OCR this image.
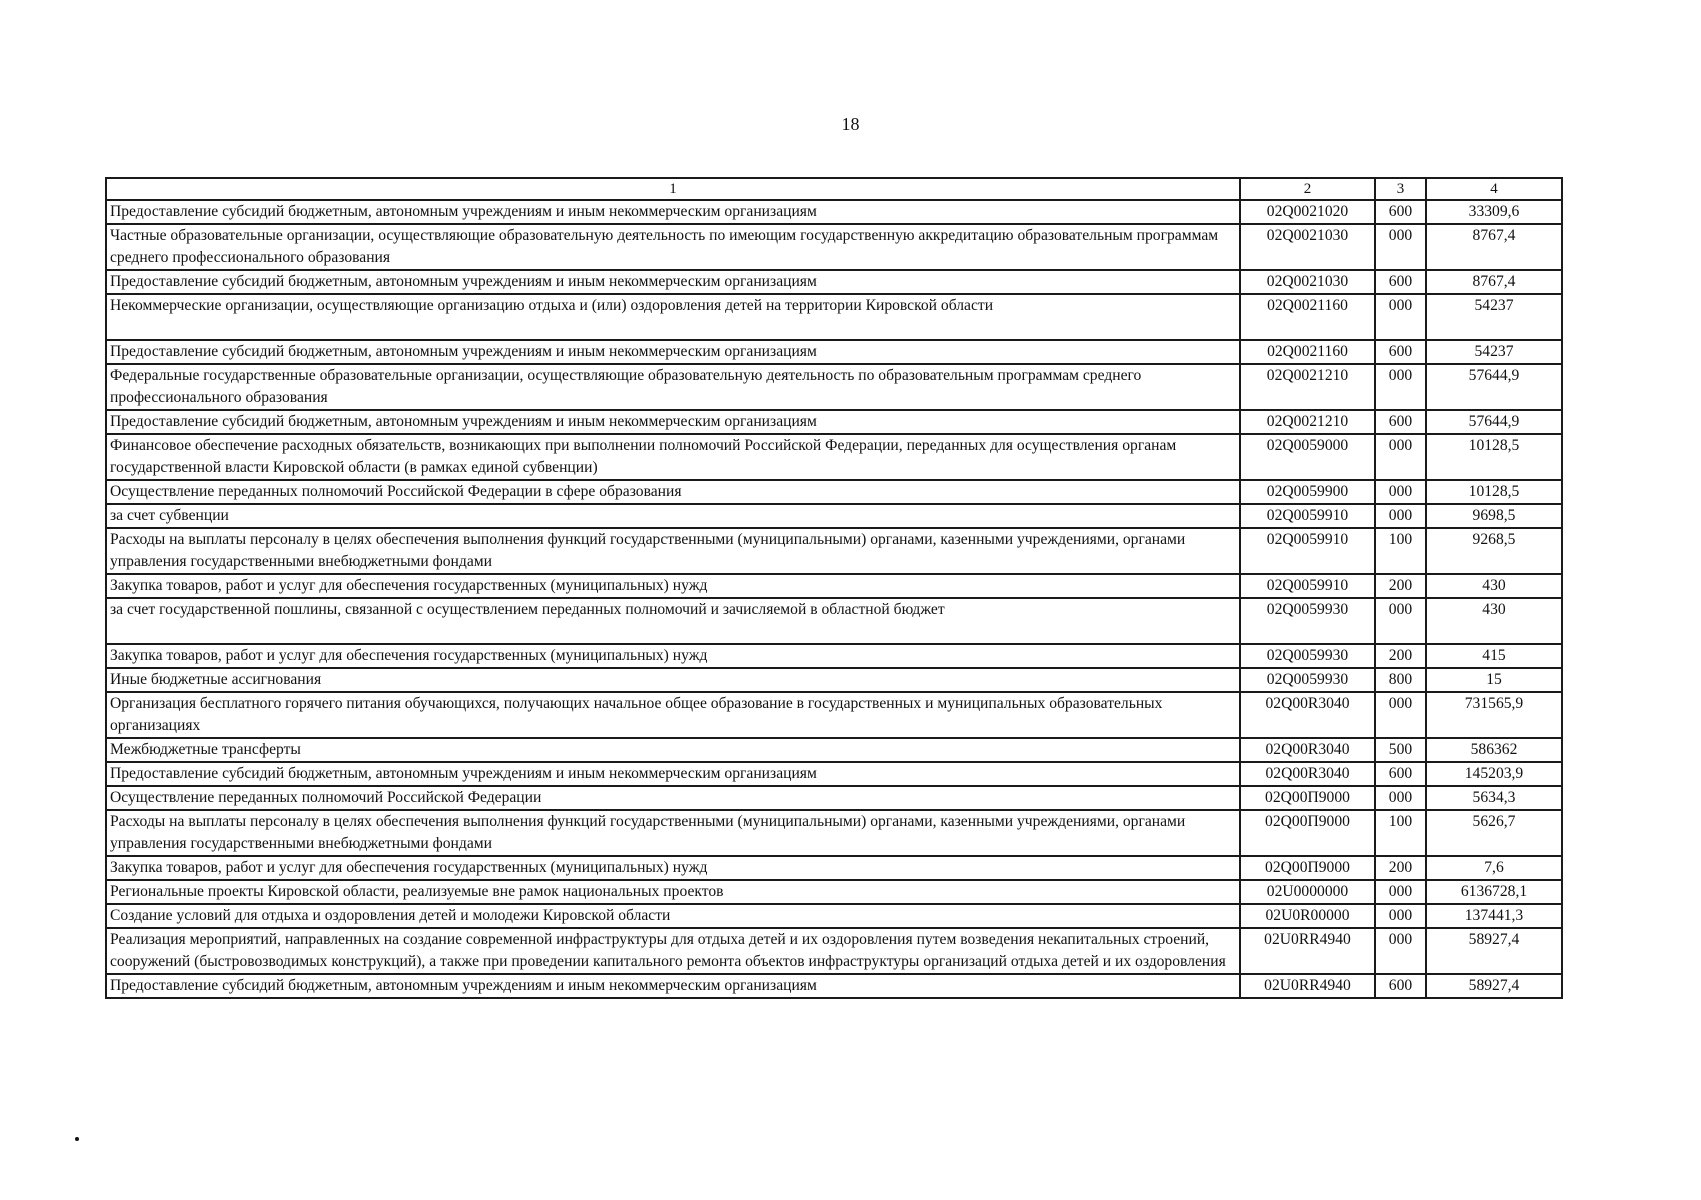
18
1	2	3	4
Предоставление субсидий бюджетным, автономным учреждениям и иным некоммерческим организациям	02Q0021020	600	33309,6
Частные образовательные организации, осуществляющие образовательную деятельность по имеющим государственную аккредитацию образовательным программам среднего профессионального образования	02Q0021030	000	8767,4
Предоставление субсидий бюджетным, автономным учреждениям и иным некоммерческим организациям	02Q0021030	600	8767,4
Некоммерческие организации, осуществляющие организацию отдыха и (или) оздоровления детей на территории Кировской области	02Q0021160	000	54237
Предоставление субсидий бюджетным, автономным учреждениям и иным некоммерческим организациям	02Q0021160	600	54237
Федеральные государственные образовательные организации, осуществляющие образовательную деятельность по образовательным программам среднего профессионального образования	02Q0021210	000	57644,9
Предоставление субсидий бюджетным, автономным учреждениям и иным некоммерческим организациям	02Q0021210	600	57644,9
Финансовое обеспечение расходных обязательств, возникающих при выполнении полномочий Российской Федерации, переданных для осуществления органам государственной власти Кировской области (в рамках единой субвенции)	02Q0059000	000	10128,5
Осуществление переданных полномочий Российской Федерации в сфере образования	02Q0059900	000	10128,5
за счет субвенции	02Q0059910	000	9698,5
Расходы на выплаты персоналу в целях обеспечения выполнения функций государственными (муниципальными) органами, казенными учреждениями, органами управления государственными внебюджетными фондами	02Q0059910	100	9268,5
Закупка товаров, работ и услуг для обеспечения государственных (муниципальных) нужд	02Q0059910	200	430
за счет государственной пошлины, связанной с осуществлением переданных полномочий и зачисляемой в областной бюджет	02Q0059930	000	430
Закупка товаров, работ и услуг для обеспечения государственных (муниципальных) нужд	02Q0059930	200	415
Иные бюджетные ассигнования	02Q0059930	800	15
Организация бесплатного горячего питания обучающихся, получающих начальное общее образование в государственных и муниципальных образовательных организациях	02Q00R3040	000	731565,9
Межбюджетные трансферты	02Q00R3040	500	586362
Предоставление субсидий бюджетным, автономным учреждениям и иным некоммерческим организациям	02Q00R3040	600	145203,9
Осуществление переданных полномочий Российской Федерации	02Q00П9000	000	5634,3
Расходы на выплаты персоналу в целях обеспечения выполнения функций государственными (муниципальными) органами, казенными учреждениями, органами управления государственными внебюджетными фондами	02Q00П9000	100	5626,7
Закупка товаров, работ и услуг для обеспечения государственных (муниципальных) нужд	02Q00П9000	200	7,6
Региональные проекты Кировской области, реализуемые вне рамок национальных проектов	02U0000000	000	6136728,1
Создание условий для отдыха и оздоровления детей и молодежи Кировской области	02U0R00000	000	137441,3
Реализация мероприятий, направленных на создание современной инфраструктуры для отдыха детей и их оздоровления путем возведения некапитальных строений, сооружений (быстровозводимых конструкций), а также при проведении капитального ремонта объектов инфраструктуры организаций отдыха детей и их оздоровления	02U0RR4940	000	58927,4
Предоставление субсидий бюджетным, автономным учреждениям и иным некоммерческим организациям	02U0RR4940	600	58927,4
